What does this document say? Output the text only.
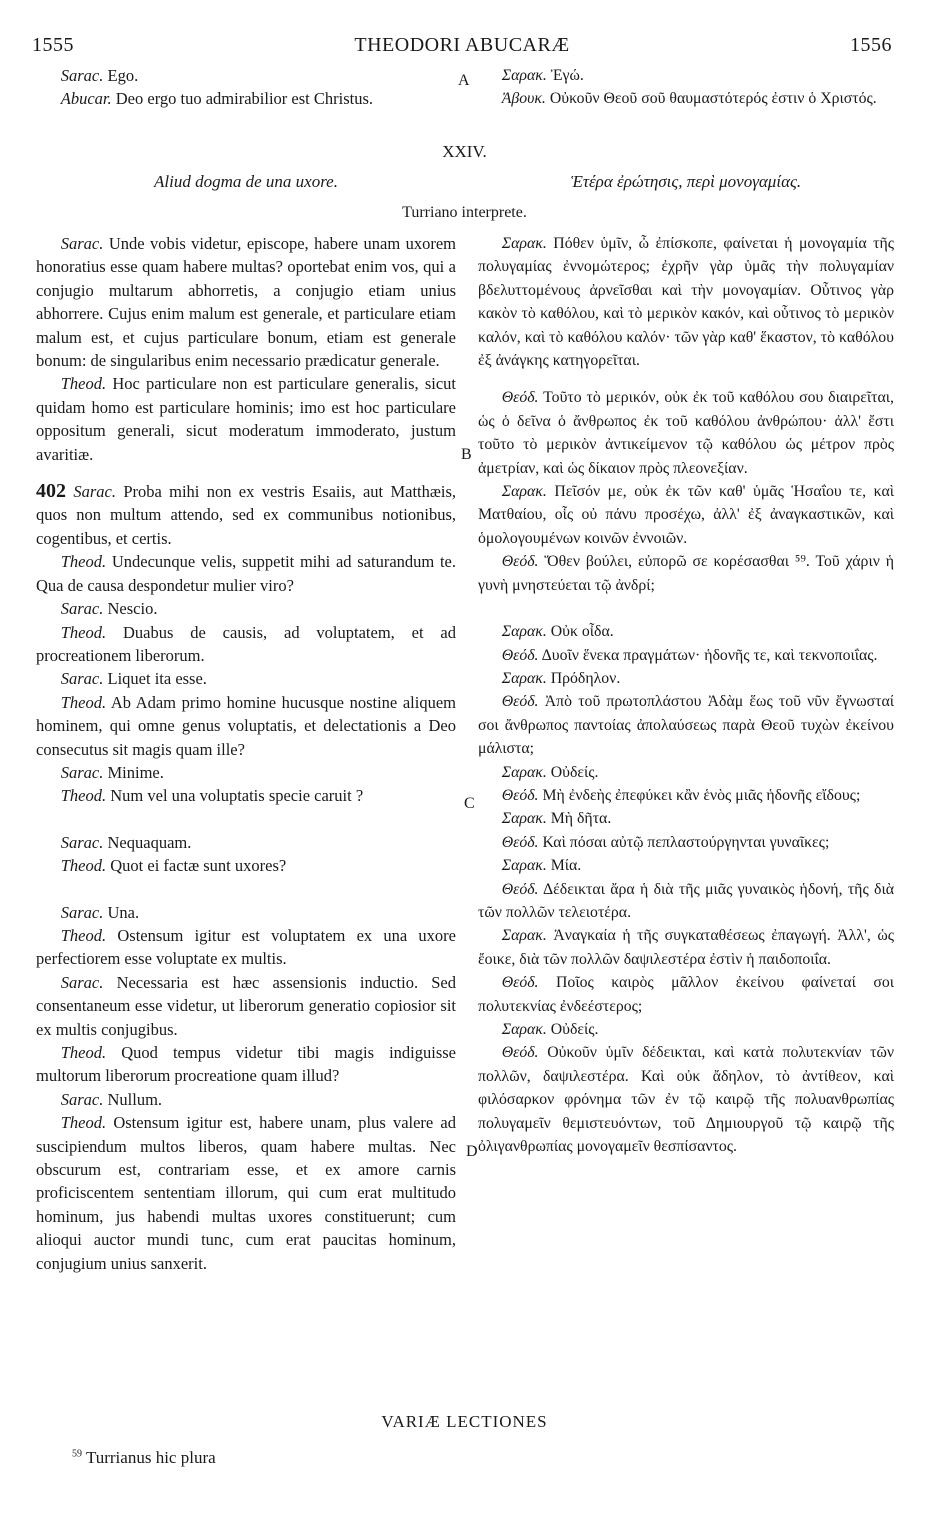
1555	THEODORI ABUCARÆ	1556

Sarac. Ego.

Abucar. Deo ergo tuo admirabilior est Christus.

Σαρακ. Ἐγώ.

Ἀβουκ. Οὐκοῦν Θεοῦ σοῦ θαυμαστότερός ἐστιν ὁ Χριστός.

A
XXIV.
Aliud dogma de una uxore.	Ἑτέρα ἐρώτησις, περὶ μονογαμίας.
Turriano interprete.

Sarac. Unde vobis videtur, episcope, habere unam uxorem honoratius esse quam habere multas? oportebat enim vos, qui a conjugio multarum abhorretis, a conjugio etiam unius abhorrere. Cujus enim malum est generale, et particulare etiam malum est, et cujus particulare bonum, etiam est generale bonum: de singularibus enim necessario prædicatur generale.

Theod. Hoc particulare non est particulare generalis, sicut quidam homo est particulare hominis; imo est hoc particulare oppositum generali, sicut moderatum immoderato, justum avaritiæ.

402 Sarac. Proba mihi non ex vestris Esaiis, aut Matthæis, quos non multum attendo, sed ex communibus notionibus, cogentibus, et certis.

Theod. Undecunque velis, suppetit mihi ad saturandum te. Qua de causa despondetur mulier viro?

Sarac. Nescio.

Theod. Duabus de causis, ad voluptatem, et ad procreationem liberorum.

Sarac. Liquet ita esse.

Theod. Ab Adam primo homine hucusque nostine aliquem hominem, qui omne genus voluptatis, et delectationis a Deo consecutus sit magis quam ille?

Sarac. Minime.

Theod. Num vel una voluptatis specie caruit ?

Sarac. Nequaquam.

Theod. Quot ei factæ sunt uxores?

Sarac. Una.

Theod. Ostensum igitur est voluptatem ex una uxore perfectiorem esse voluptate ex multis.

Sarac. Necessaria est hæc assensionis inductio. Sed consentaneum esse videtur, ut liberorum generatio copiosior sit ex multis conjugibus.

Theod. Quod tempus videtur tibi magis indiguisse multorum liberorum procreatione quam illud?

Sarac. Nullum.

Theod. Ostensum igitur est, habere unam, plus valere ad suscipiendum multos liberos, quam habere multas. Nec obscurum est, contrariam esse, et ex amore carnis proficiscentem sententiam illorum, qui cum erat multitudo hominum, jus habendi multas uxores constituerunt; cum alioqui auctor mundi tunc, cum erat paucitas hominum, conjugium unius sanxerit.

Σαρακ. Πόθεν ὑμῖν, ὦ ἐπίσκοπε, φαίνεται ἡ μονογαμία τῆς πολυγαμίας ἐννομώτερος; ἐχρῆν γὰρ ὑμᾶς τὴν πολυγαμίαν βδελυττομένους ἀρνεῖσθαι καὶ τὴν μονογαμίαν. Οὗτινος γὰρ κακὸν τὸ καθόλου, καὶ τὸ μερικὸν κακόν, καὶ οὗτινος τὸ μερικὸν καλόν, καὶ τὸ καθόλου καλόν· τῶν γὰρ καθ' ἕκαστον, τὸ καθόλου ἐξ ἀνάγκης κατηγορεῖται.

Θεόδ. Τοῦτο τὸ μερικόν, οὐκ ἐκ τοῦ καθόλου σου διαιρεῖται, ὡς ὁ δεῖνα ὁ ἄνθρωπος ἐκ τοῦ καθόλου ἀνθρώπου· ἀλλ' ἔστι τοῦτο τὸ μερικὸν ἀντικείμενον τῷ καθόλου ὡς μέτρον πρὸς ἀμετρίαν, καὶ ὡς δίκαιον πρὸς πλεονεξίαν.

Σαρακ. Πεῖσόν με, οὐκ ἐκ τῶν καθ' ὑμᾶς Ἡσαΐου τε, καὶ Ματθαίου, οἷς οὐ πάνυ προσέχω, ἀλλ' ἐξ ἀναγκαστικῶν, καὶ ὁμολογουμένων κοινῶν ἐννοιῶν.

Θεόδ. Ὅθεν βούλει, εὐπορῶ σε κορέσασθαι ⁵⁹. Τοῦ χάριν ἡ γυνὴ μνηστεύεται τῷ ἀνδρί;

Σαρακ. Οὐκ οἶδα.

Θεόδ. Δυοῖν ἕνεκα πραγμάτων· ἡδονῆς τε, καὶ τεκνοποιΐας.

Σαρακ. Πρόδηλον.

Θεόδ. Ἀπὸ τοῦ πρωτοπλάστου Ἀδὰμ ἕως τοῦ νῦν ἔγνωσταί σοι ἄνθρωπος παντοίας ἀπολαύσεως παρὰ Θεοῦ τυχὼν ἐκείνου μάλιστα;

Σαρακ. Οὐδείς.

Θεόδ. Μὴ ἐνδεὴς ἐπεφύκει κἂν ἑνὸς μιᾶς ἡδονῆς εἴδους;

Σαρακ. Μὴ δῆτα.

Θεόδ. Καὶ πόσαι αὐτῷ πεπλαστούργηνται γυναῖκες;

Σαρακ. Μία.

Θεόδ. Δέδεικται ἄρα ἡ διὰ τῆς μιᾶς γυναικὸς ἡδονή, τῆς διὰ τῶν πολλῶν τελειοτέρα.

Σαρακ. Ἀναγκαία ἡ τῆς συγκαταθέσεως ἐπαγωγή. Ἀλλ', ὡς ἔοικε, διὰ τῶν πολλῶν δαψιλεστέρα ἐστὶν ἡ παιδοποιΐα.

Θεόδ. Ποῖος καιρὸς μᾶλλον ἐκείνου φαίνεταί σοι πολυτεκνίας ἐνδεέστερος;

Σαρακ. Οὐδείς.

Θεόδ. Οὐκοῦν ὑμῖν δέδεικται, καὶ κατὰ πολυτεκνίαν τῶν πολλῶν, δαψιλεστέρα. Καὶ οὐκ ἄδηλον, τὸ ἀντίθεον, καὶ φιλόσαρκον φρόνημα τῶν ἐν τῷ καιρῷ τῆς πολυανθρωπίας πολυγαμεῖν θεμιστευόντων, τοῦ Δημιουργοῦ τῷ καιρῷ τῆς ὀλιγανθρωπίας μονογαμεῖν θεσπίσαντος.

B
C
D
VARIÆ LECTIONES
$^{59}$ Turrianus hic plura
